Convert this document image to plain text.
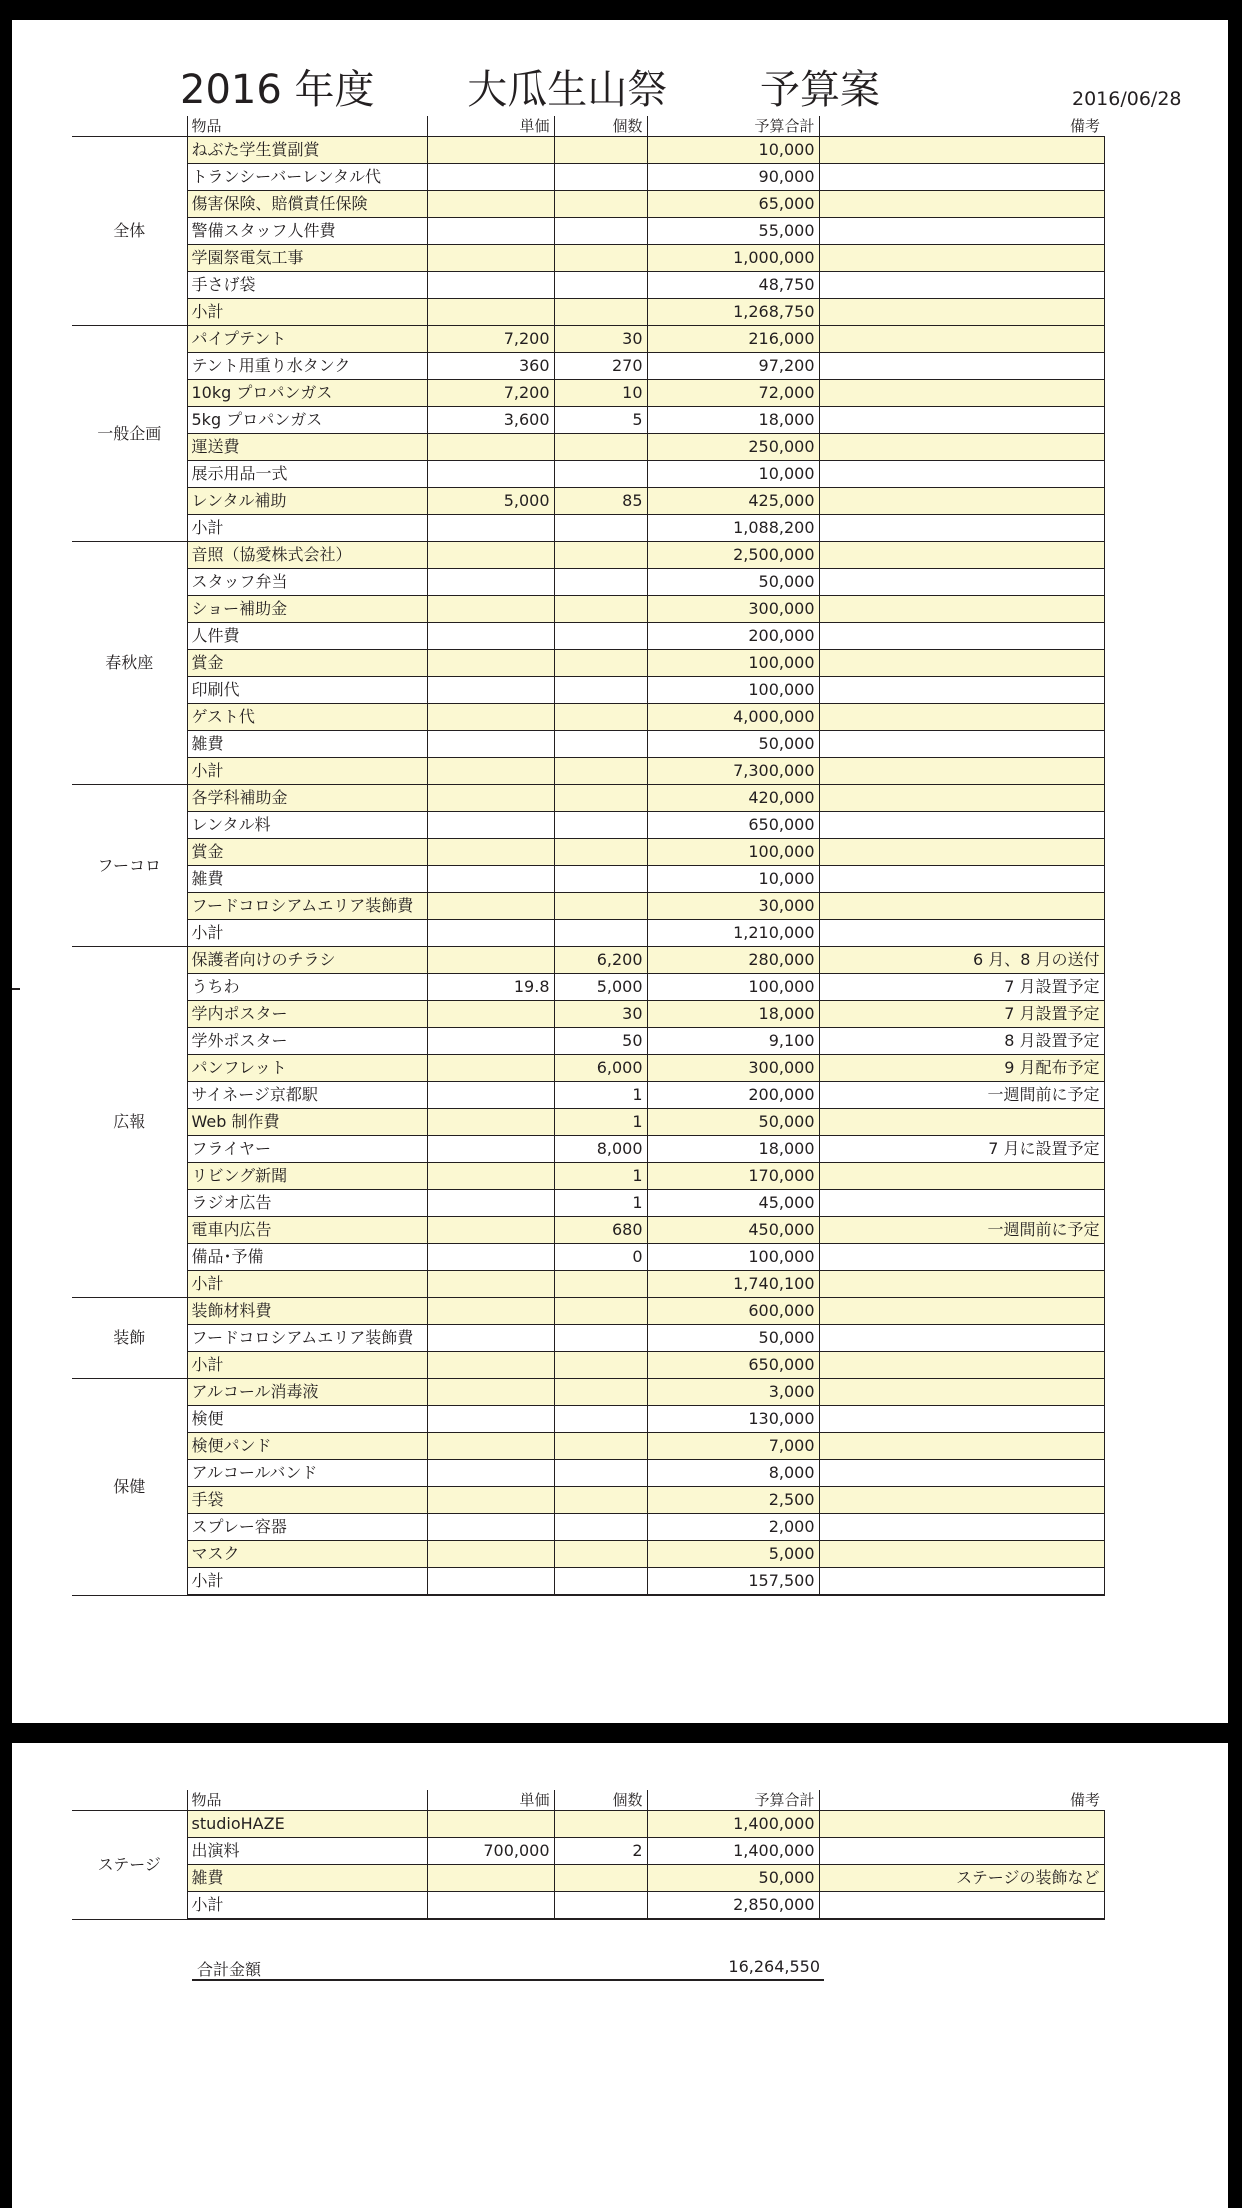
2016 年度 大瓜生山祭 予算案	2016/06/28
	物品	単価	個数	予算合計	備考
全体	ねぶた学生賞副賞			10,000	
	トランシーバーレンタル代			90,000	
	傷害保険、賠償責任保険			65,000	
	警備スタッフ人件費			55,000	
	学園祭電気工事			1,000,000	
	手さげ袋			48,750	
	小計			1,268,750	
一般企画	パイプテント	7,200	30	216,000	
	テント用重り水タンク	360	270	97,200	
	10kg プロパンガス	7,200	10	72,000	
	5kg プロパンガス	3,600	5	18,000	
	運送費			250,000	
	展示用品一式			10,000	
	レンタル補助	5,000	85	425,000	
	小計			1,088,200	
春秋座	音照（協愛株式会社）			2,500,000	
	スタッフ弁当			50,000	
	ショー補助金			300,000	
	人件費			200,000	
	賞金			100,000	
	印刷代			100,000	
	ゲスト代			4,000,000	
	雑費			50,000	
	小計			7,300,000	
フーコロ	各学科補助金			420,000	
	レンタル料			650,000	
	賞金			100,000	
	雑費			10,000	
	フードコロシアムエリア装飾費			30,000	
	小計			1,210,000	
広報	保護者向けのチラシ		6,200	280,000	6 月、8 月の送付
	うちわ	19.8	5,000	100,000	7 月設置予定
	学内ポスター		30	18,000	7 月設置予定
	学外ポスター		50	9,100	8 月設置予定
	パンフレット		6,000	300,000	9 月配布予定
	サイネージ京都駅		1	200,000	一週間前に予定
	Web 制作費		1	50,000	
	フライヤー		8,000	18,000	7 月に設置予定
	リビング新聞		1	170,000	
	ラジオ広告		1	45,000	
	電車内広告		680	450,000	一週間前に予定
	備品･予備		0	100,000	
	小計			1,740,100	
装飾	装飾材料費			600,000	
	フードコロシアムエリア装飾費			50,000	
	小計			650,000	
保健	アルコール消毒液			3,000	
	検便			130,000	
	検便パンド			7,000	
	アルコールバンド			8,000	
	手袋			2,500	
	スプレー容器			2,000	
	マスク			5,000	
	小計			157,500	
	物品	単価	個数	予算合計	備考
ステージ	studioHAZE			1,400,000	
	出演料	700,000	2	1,400,000	
	雑費			50,000	ステージの装飾など
	小計			2,850,000	
合計金額	16,264,550
